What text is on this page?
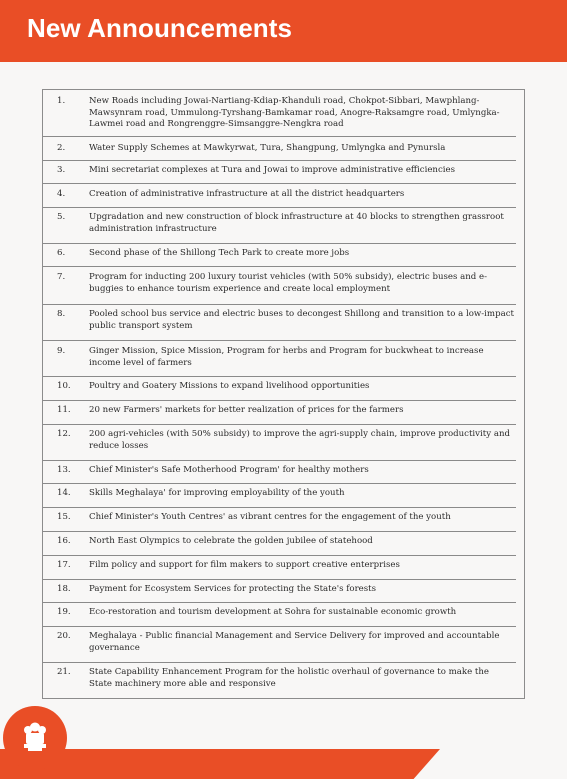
New Announcements
1.	New Roads including Jowai-Nartiang-Kdiap-Khanduli road, Chokpot-Sibbari, Mawphlang-Mawsynram road, Ummulong-Tyrshang-Bamkamar road, Anogre-Raksamgre road, Umlyngka-Lawmei road and Rongrenggre-Simsanggre-Nengkra road
2.	Water Supply Schemes at Mawkyrwat, Tura, Shangpung, Umlyngka and Pynursla
3.	Mini secretariat complexes at Tura and Jowai to improve administrative efficiencies
4.	Creation of administrative infrastructure at all the district headquarters
5.	Upgradation and new construction of block infrastructure at 40 blocks to strengthen grassroot administration infrastructure
6.	Second phase of the Shillong Tech Park to create more jobs
7.	Program for inducting 200 luxury tourist vehicles (with 50% subsidy), electric buses and e-buggies to enhance tourism experience and create local employment
8.	Pooled school bus service and electric buses to decongest Shillong and transition to a low-impact public transport system
9.	Ginger Mission, Spice Mission, Program for herbs and Program for buckwheat to increase income level of farmers
10. Poultry and Goatery Missions to expand livelihood opportunities
11. 20 new Farmers' markets for better realization of prices for the farmers
12. 200 agri-vehicles (with 50% subsidy) to improve the agri-supply chain, improve productivity and reduce losses
13. Chief Minister's Safe Motherhood Program' for healthy mothers
14. Skills Meghalaya' for improving employability of the youth
15. Chief Minister's Youth Centres' as vibrant centres for the engagement of the youth
16. North East Olympics to celebrate the golden jubilee of statehood
17. Film policy and support for film makers to support creative enterprises
18. Payment for Ecosystem Services for protecting the State's forests
19. Eco-restoration and tourism development at Sohra for sustainable economic growth
20. Meghalaya - Public financial Management and Service Delivery for improved and accountable governance
21. State Capability Enhancement Program for the holistic overhaul of governance to make the State machinery more able and responsive
